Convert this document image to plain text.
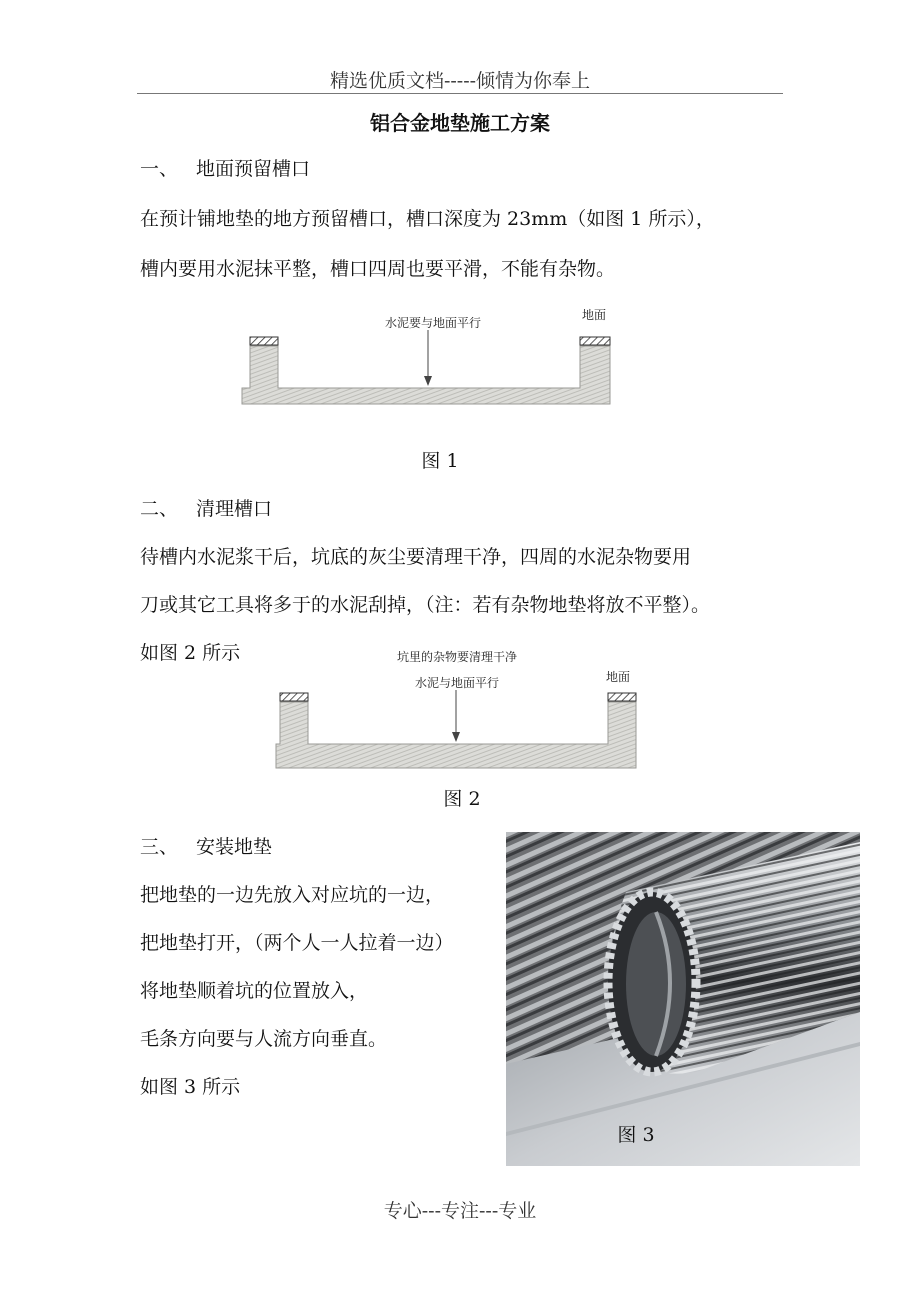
精选优质文档-----倾情为你奉上
铝合金地垫施工方案
一、 地面预留槽口
在预计铺地垫的地方预留槽口，槽口深度为 23mm（如图 1 所示），
槽内要用水泥抹平整，槽口四周也要平滑，不能有杂物。
水泥要与地面平行
地面
图 1
二、 清理槽口
待槽内水泥浆干后，坑底的灰尘要清理干净，四周的水泥杂物要用
刀或其它工具将多于的水泥刮掉，（注：若有杂物地垫将放不平整）。
如图 2 所示	坑里的杂物要清理干净
水泥与地面平行	地面
图 2
三、 安装地垫
把地垫的一边先放入对应坑的一边，
把地垫打开，（两个人一人拉着一边）
将地垫顺着坑的位置放入，
毛条方向要与人流方向垂直。
如图 3 所示
图 3
专心---专注---专业
